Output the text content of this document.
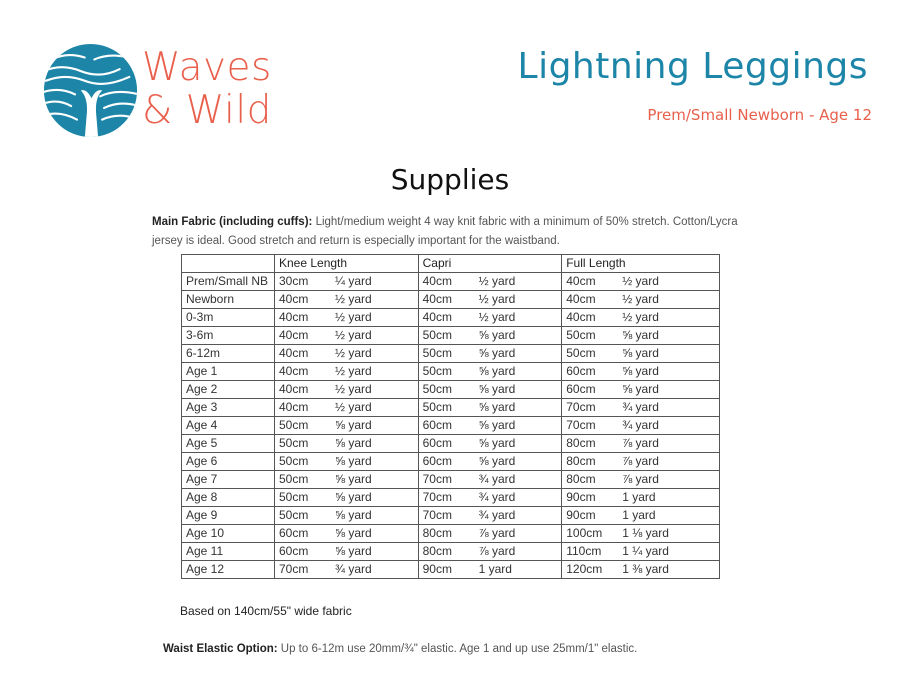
Waves
& Wild
Lightning Leggings
Prem/Small Newborn - Age 12
Supplies
Main Fabric (including cuffs): Light/medium weight 4 way knit fabric with a minimum of 50% stretch. Cotton/Lycra jersey is ideal. Good stretch and return is especially important for the waistband.
	Knee Length	Capri	Full Length
Prem/Small NB	30cm ¼ yard	40cm ½ yard	40cm ½ yard
Newborn	40cm ½ yard	40cm ½ yard	40cm ½ yard
0-3m	40cm ½ yard	40cm ½ yard	40cm ½ yard
3-6m	40cm ½ yard	50cm ⅝ yard	50cm ⅝ yard
6-12m	40cm ½ yard	50cm ⅝ yard	50cm ⅝ yard
Age 1	40cm ½ yard	50cm ⅝ yard	60cm ⅝ yard
Age 2	40cm ½ yard	50cm ⅝ yard	60cm ⅝ yard
Age 3	40cm ½ yard	50cm ⅝ yard	70cm ¾ yard
Age 4	50cm ⅝ yard	60cm ⅝ yard	70cm ¾ yard
Age 5	50cm ⅝ yard	60cm ⅝ yard	80cm ⅞ yard
Age 6	50cm ⅝ yard	60cm ⅝ yard	80cm ⅞ yard
Age 7	50cm ⅝ yard	70cm ¾ yard	80cm ⅞ yard
Age 8	50cm ⅝ yard	70cm ¾ yard	90cm 1 yard
Age 9	50cm ⅝ yard	70cm ¾ yard	90cm 1 yard
Age 10	60cm ⅝ yard	80cm ⅞ yard	100cm 1 ⅛ yard
Age 11	60cm ⅝ yard	80cm ⅞ yard	110cm 1 ¼ yard
Age 12	70cm ¾ yard	90cm 1 yard	120cm 1 ⅜ yard
Based on 140cm/55" wide fabric
Waist Elastic Option: Up to 6-12m use 20mm/¾" elastic. Age 1 and up use 25mm/1" elastic.
